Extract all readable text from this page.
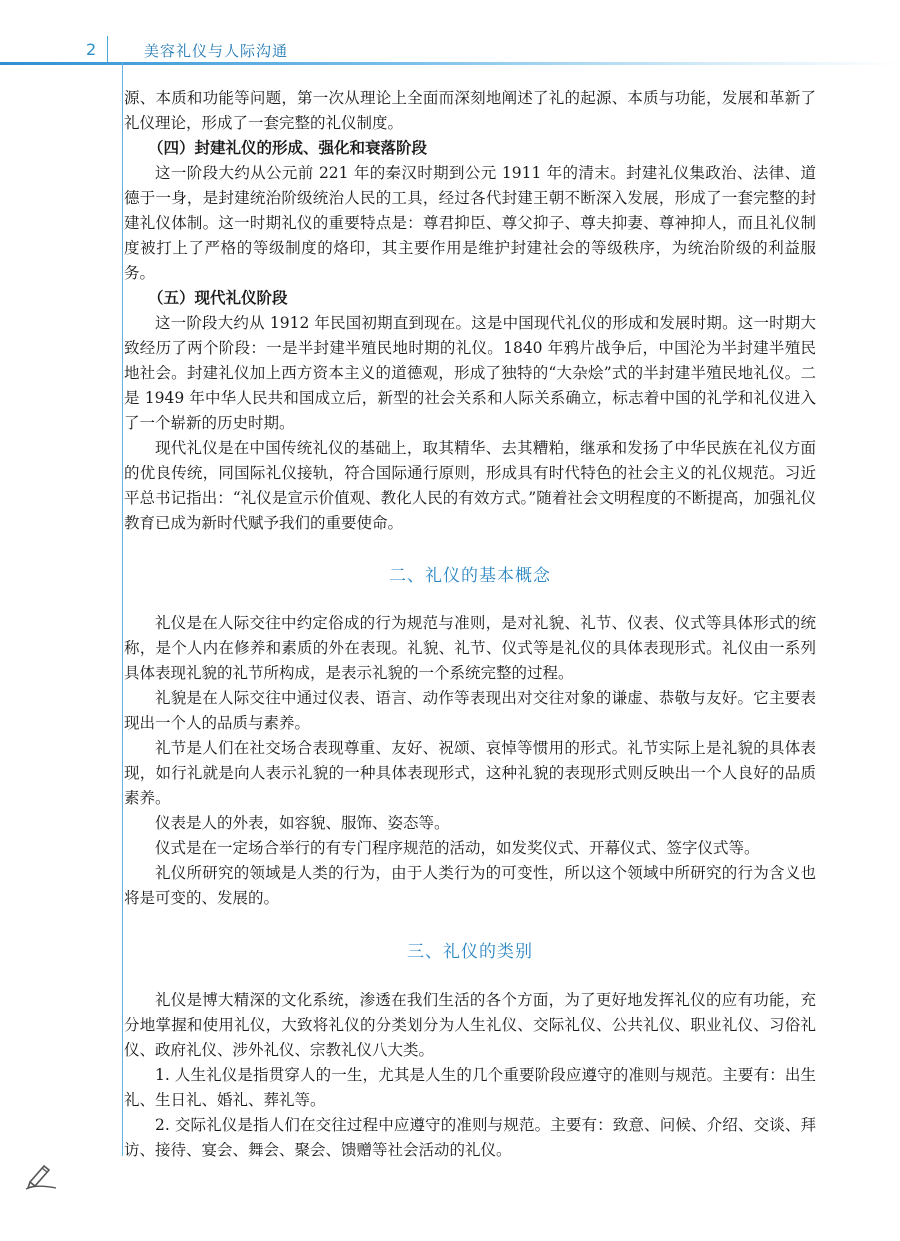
2	美容礼仪与人际沟通

源、本质和功能等问题，第一次从理论上全面而深刻地阐述了礼的起源、本质与功能，发展和革新了礼仪理论，形成了一套完整的礼仪制度。

（四）封建礼仪的形成、强化和衰落阶段

这一阶段大约从公元前 221 年的秦汉时期到公元 1911 年的清末。封建礼仪集政治、法律、道德于一身，是封建统治阶级统治人民的工具，经过各代封建王朝不断深入发展，形成了一套完整的封建礼仪体制。这一时期礼仪的重要特点是：尊君抑臣、尊父抑子、尊夫抑妻、尊神抑人，而且礼仪制度被打上了严格的等级制度的烙印，其主要作用是维护封建社会的等级秩序，为统治阶级的利益服务。

（五）现代礼仪阶段

这一阶段大约从 1912 年民国初期直到现在。这是中国现代礼仪的形成和发展时期。这一时期大致经历了两个阶段：一是半封建半殖民地时期的礼仪。1840 年鸦片战争后，中国沦为半封建半殖民地社会。封建礼仪加上西方资本主义的道德观，形成了独特的“大杂烩”式的半封建半殖民地礼仪。二是 1949 年中华人民共和国成立后，新型的社会关系和人际关系确立，标志着中国的礼学和礼仪进入了一个崭新的历史时期。

现代礼仪是在中国传统礼仪的基础上，取其精华、去其糟粕，继承和发扬了中华民族在礼仪方面的优良传统，同国际礼仪接轨，符合国际通行原则，形成具有时代特色的社会主义的礼仪规范。习近平总书记指出：“礼仪是宣示价值观、教化人民的有效方式。”随着社会文明程度的不断提高，加强礼仪教育已成为新时代赋予我们的重要使命。

二、礼仪的基本概念

礼仪是在人际交往中约定俗成的行为规范与准则，是对礼貌、礼节、仪表、仪式等具体形式的统称，是个人内在修养和素质的外在表现。礼貌、礼节、仪式等是礼仪的具体表现形式。礼仪由一系列具体表现礼貌的礼节所构成，是表示礼貌的一个系统完整的过程。

礼貌是在人际交往中通过仪表、语言、动作等表现出对交往对象的谦虚、恭敬与友好。它主要表现出一个人的品质与素养。

礼节是人们在社交场合表现尊重、友好、祝颂、哀悼等惯用的形式。礼节实际上是礼貌的具体表现，如行礼就是向人表示礼貌的一种具体表现形式，这种礼貌的表现形式则反映出一个人良好的品质素养。

仪表是人的外表，如容貌、服饰、姿态等。

仪式是在一定场合举行的有专门程序规范的活动，如发奖仪式、开幕仪式、签字仪式等。

礼仪所研究的领域是人类的行为，由于人类行为的可变性，所以这个领域中所研究的行为含义也将是可变的、发展的。

三、礼仪的类别

礼仪是博大精深的文化系统，渗透在我们生活的各个方面，为了更好地发挥礼仪的应有功能，充分地掌握和使用礼仪，大致将礼仪的分类划分为人生礼仪、交际礼仪、公共礼仪、职业礼仪、习俗礼仪、政府礼仪、涉外礼仪、宗教礼仪八大类。

1. 人生礼仪是指贯穿人的一生，尤其是人生的几个重要阶段应遵守的准则与规范。主要有：出生礼、生日礼、婚礼、葬礼等。

2. 交际礼仪是指人们在交往过程中应遵守的准则与规范。主要有：致意、问候、介绍、交谈、拜访、接待、宴会、舞会、聚会、馈赠等社会活动的礼仪。
